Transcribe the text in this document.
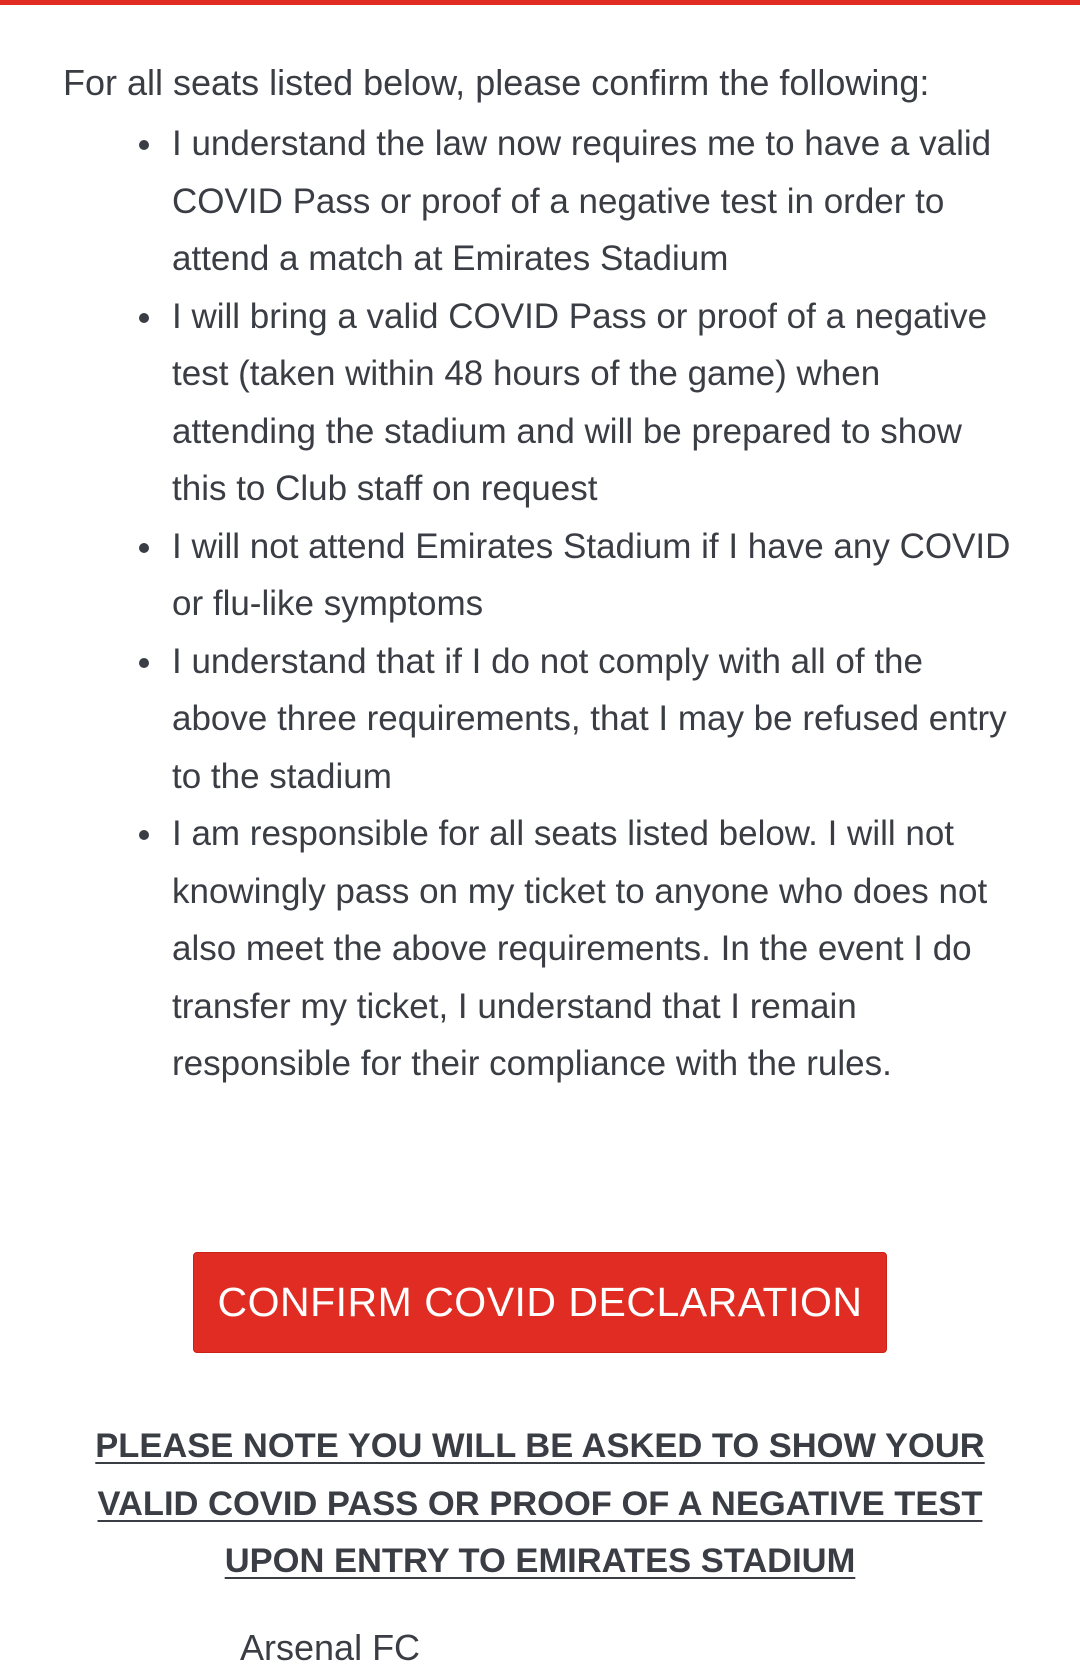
For all seats listed below, please confirm the following:

I understand the law now requires me to have a valid COVID Pass or proof of a negative test in order to attend a match at Emirates Stadium
I will bring a valid COVID Pass or proof of a negative test (taken within 48 hours of the game) when attending the stadium and will be prepared to show this to Club staff on request
I will not attend Emirates Stadium if I have any COVID or flu-like symptoms
I understand that if I do not comply with all of the above three requirements, that I may be refused entry to the stadium
I am responsible for all seats listed below. I will not knowingly pass on my ticket to anyone who does not also meet the above requirements. In the event I do transfer my ticket, I understand that I remain responsible for their compliance with the rules.
CONFIRM COVID DECLARATION

PLEASE NOTE YOU WILL BE ASKED TO SHOW YOUR VALID COVID PASS OR PROOF OF A NEGATIVE TEST UPON ENTRY TO EMIRATES STADIUM

Arsenal FC
